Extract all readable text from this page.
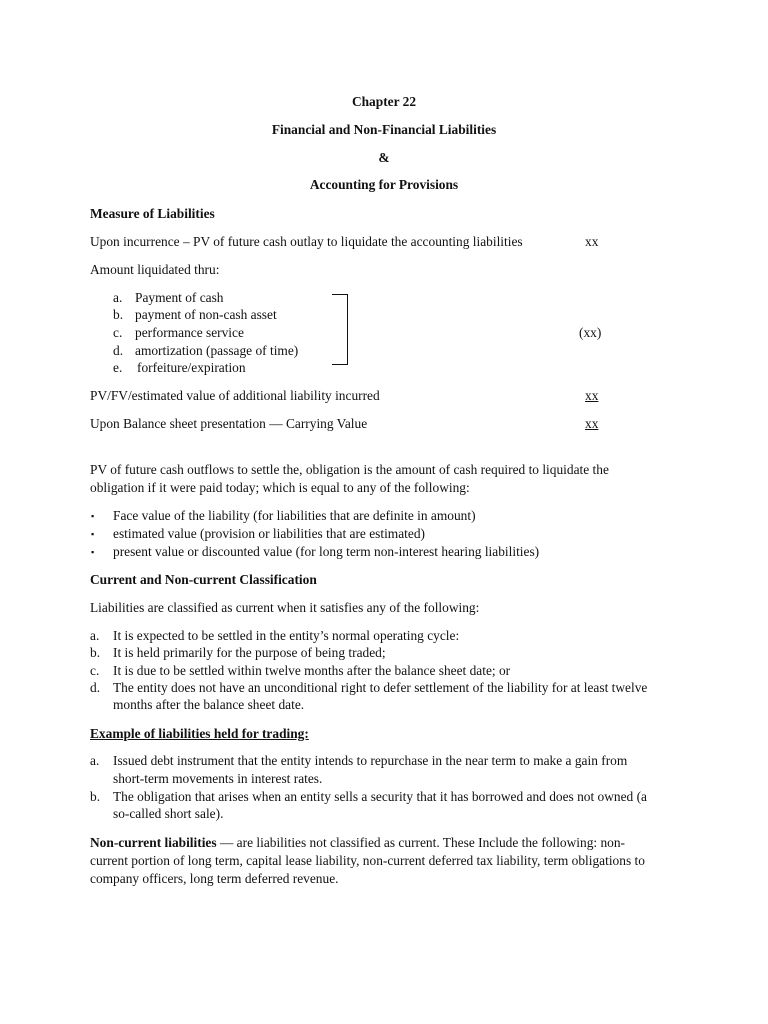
Chapter 22
Financial and Non-Financial Liabilities
&
Accounting for Provisions
Measure of Liabilities
Upon incurrence – PV of future cash outlay to liquidate the accounting liabilities	xx
Amount liquidated thru:
a. Payment of cash
b. payment of non-cash asset
c. performance service
d. amortization (passage of time)
e. forfeiture/expiration
(xx)
PV/FV/estimated value of additional liability incurred	xx
Upon Balance sheet presentation — Carrying Value	xx
PV of future cash outflows to settle the, obligation is the amount of cash required to liquidate the
obligation if it were paid today; which is equal to any of the following:
▪ Face value of the liability (for liabilities that are definite in amount)
▪ estimated value (provision or liabilities that are estimated)
▪ present value or discounted value (for long term non-interest hearing liabilities)
Current and Non-current Classification
Liabilities are classified as current when it satisfies any of the following:
a. It is expected to be settled in the entity’s normal operating cycle:
b. It is held primarily for the purpose of being traded;
c. It is due to be settled within twelve months after the balance sheet date; or
d. The entity does not have an unconditional right to defer settlement of the liability for at least twelve
months after the balance sheet date.
Example of liabilities held for trading:
a. Issued debt instrument that the entity intends to repurchase in the near term to make a gain from
short-term movements in interest rates.
b. The obligation that arises when an entity sells a security that it has borrowed and does not owned (a
so-called short sale).
Non-current liabilities — are liabilities not classified as current. These Include the following: non-
current portion of long term, capital lease liability, non-current deferred tax liability, term obligations to
company officers, long term deferred revenue.
